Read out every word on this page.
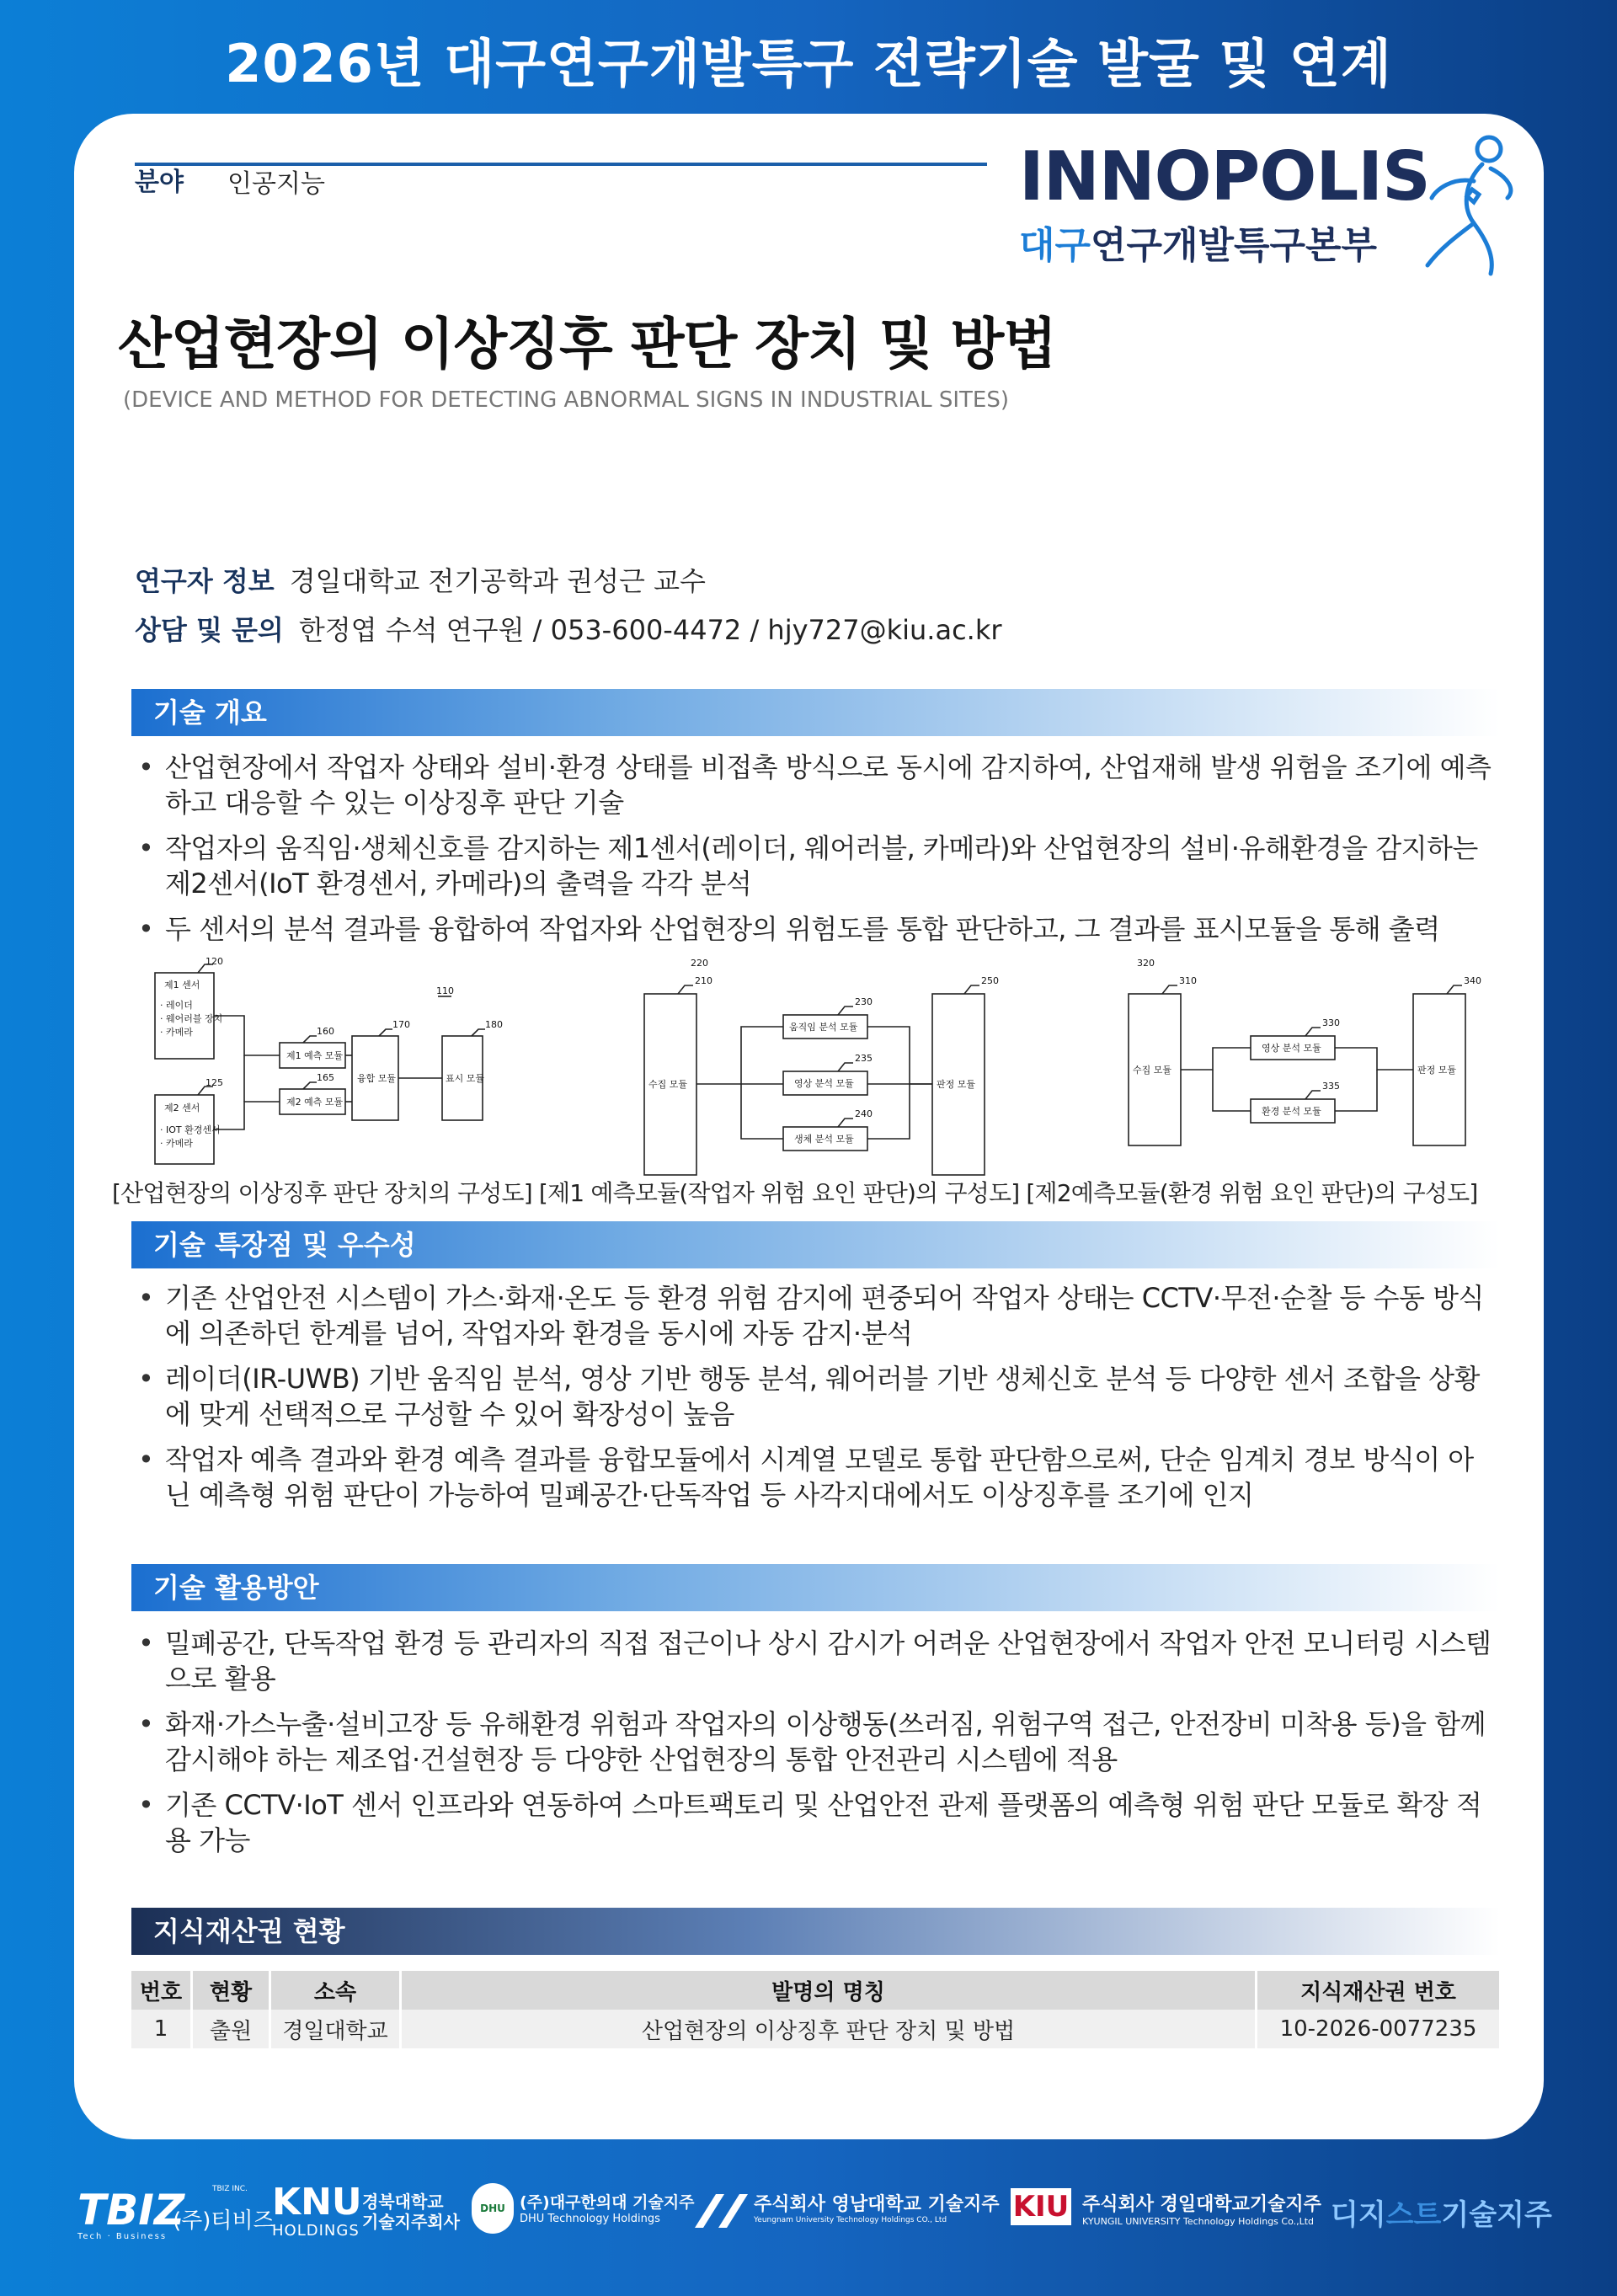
2026년 대구연구개발특구 전략기술 발굴 및 연계
분야 인공지능	INNOPOLIS
대구연구개발특구본부
산업현장의 이상징후 판단 장치 및 방법
(DEVICE AND METHOD FOR DETECTING ABNORMAL SIGNS IN INDUSTRIAL SITES)
연구자 정보 경일대학교 전기공학과 권성근 교수
상담 및 문의 한정엽 수석 연구원 / 053-600-4472 / hjy727@kiu.ac.kr
기술 개요
• 산업현장에서 작업자 상태와 설비·환경 상태를 비접촉 방식으로 동시에 감지하여, 산업재해 발생 위험을 조기에 예측하고 대응할 수 있는 이상징후 판단 기술
• 작업자의 움직임·생체신호를 감지하는 제1센서(레이더, 웨어러블, 카메라)와 산업현장의 설비·유해환경을 감지하는 제2센서(IoT 환경센서, 카메라)의 출력을 각각 분석
• 두 센서의 분석 결과를 융합하여 작업자와 산업현장의 위험도를 통합 판단하고, 그 결과를 표시모듈을 통해 출력
110
120
제1 센서
· 레이더
· 웨어러블 장치
· 카메라
125
제2 센서
· IOT 환경센서
· 카메라
160
제1 예측 모듈
165
제2 예측 모듈
170
융합 모듈
180
표시 모듈
220
210
수집 모듈
230
움직임 분석 모듈
235
영상 분석 모듈
240
생체 분석 모듈
250
판정 모듈
320
310
수집 모듈
330
영상 분석 모듈
335
환경 분석 모듈
340
판정 모듈
[산업현장의 이상징후 판단 장치의 구성도] [제1 예측모듈(작업자 위험 요인 판단)의 구성도] [제2예측모듈(환경 위험 요인 판단)의 구성도]
기술 특장점 및 우수성
• 기존 산업안전 시스템이 가스·화재·온도 등 환경 위험 감지에 편중되어 작업자 상태는 CCTV·무전·순찰 등 수동 방식에 의존하던 한계를 넘어, 작업자와 환경을 동시에 자동 감지·분석
• 레이더(IR-UWB) 기반 움직임 분석, 영상 기반 행동 분석, 웨어러블 기반 생체신호 분석 등 다양한 센서 조합을 상황에 맞게 선택적으로 구성할 수 있어 확장성이 높음
• 작업자 예측 결과와 환경 예측 결과를 융합모듈에서 시계열 모델로 통합 판단함으로써, 단순 임계치 경보 방식이 아닌 예측형 위험 판단이 가능하여 밀폐공간·단독작업 등 사각지대에서도 이상징후를 조기에 인지
기술 활용방안
• 밀폐공간, 단독작업 환경 등 관리자의 직접 접근이나 상시 감시가 어려운 산업현장에서 작업자 안전 모니터링 시스템으로 활용
• 화재·가스누출·설비고장 등 유해환경 위험과 작업자의 이상행동(쓰러짐, 위험구역 접근, 안전장비 미착용 등)을 함께 감시해야 하는 제조업·건설현장 등 다양한 산업현장의 통합 안전관리 시스템에 적용
• 기존 CCTV·IoT 센서 인프라와 연동하여 스마트팩토리 및 산업안전 관제 플랫폼의 예측형 위험 판단 모듈로 확장 적용 가능
지식재산권 현황
번호	현황	소속	발명의 명칭	지식재산권 번호
1	출원	경일대학교	산업현장의 이상징후 판단 장치 및 방법	10-2026-0077235
TBIZ
Tech · Business
TBIZ INC.
(주)티비즈
KNU
HOLDINGS
경북대학교
기술지주회사
DHU (주)대구한의대 기술지주
DHU Technology Holdings
주식회사 영남대학교 기술지주
Yeungnam University Technology Holdings CO., Ltd	KIU 주식회사 경일대학교기술지주
KYUNGIL UNIVERSITY Technology Holdings Co.,Ltd 디지스트기술지주
